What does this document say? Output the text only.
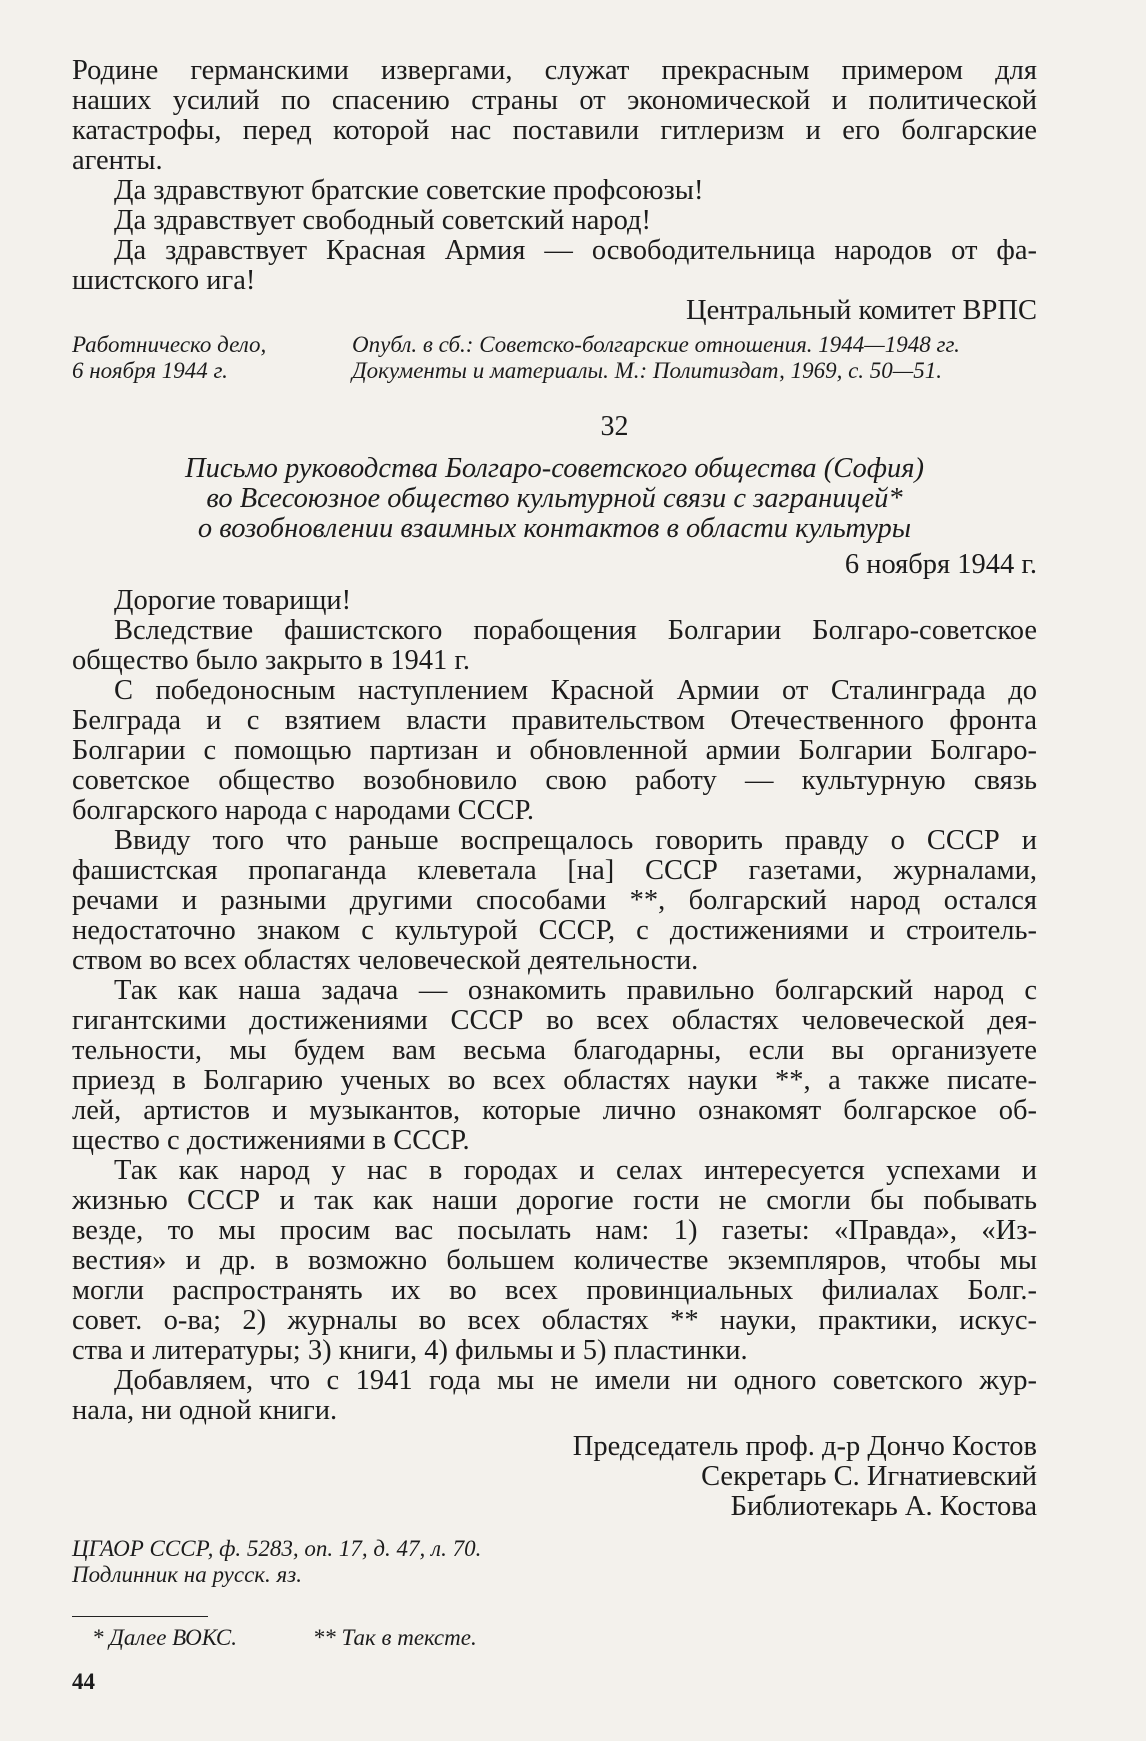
Родине германскими извергами, служат прекрасным примером для
наших усилий по спасению страны от экономической и политической
катастрофы, перед которой нас поставили гитлеризм и его болгарские
агенты.
Да здравствуют братские советские профсоюзы!
Да здравствует свободный советский народ!
Да здравствует Красная Армия — освободительница народов от фа-
шистского ига!
Центральный комитет ВРПС
Работническо дело,
6 ноября 1944 г.
Опубл. в сб.: Советско-болгарские отношения. 1944—1948 гг.
Документы и материалы. М.: Политиздат, 1969, с. 50—51.
32
Письмо руководства Болгаро-советского общества (София)
во Всесоюзное общество культурной связи с заграницей*
о возобновлении взаимных контактов в области культуры
6 ноября 1944 г.
Дорогие товарищи!
Вследствие фашистского порабощения Болгарии Болгаро-советское
общество было закрыто в 1941 г.
С победоносным наступлением Красной Армии от Сталинграда до
Белграда и с взятием власти правительством Отечественного фронта
Болгарии с помощью партизан и обновленной армии Болгарии Болгаро-
советское общество возобновило свою работу — культурную связь
болгарского народа с народами СССР.
Ввиду того что раньше воспрещалось говорить правду о СССР и
фашистская пропаганда клеветала [на] СССР газетами, журналами,
речами и разными другими способами **, болгарский народ остался
недостаточно знаком с культурой СССР, с достижениями и строитель-
ством во всех областях человеческой деятельности.
Так как наша задача — ознакомить правильно болгарский народ с
гигантскими достижениями СССР во всех областях человеческой дея-
тельности, мы будем вам весьма благодарны, если вы организуете
приезд в Болгарию ученых во всех областях науки **, а также писате-
лей, артистов и музыкантов, которые лично ознакомят болгарское об-
щество с достижениями в СССР.
Так как народ у нас в городах и селах интересуется успехами и
жизнью СССР и так как наши дорогие гости не смогли бы побывать
везде, то мы просим вас посылать нам: 1) газеты: «Правда», «Из-
вестия» и др. в возможно большем количестве экземпляров, чтобы мы
могли распространять их во всех провинциальных филиалах Болг.-
совет. о-ва; 2) журналы во всех областях ** науки, практики, искус-
ства и литературы; 3) книги, 4) фильмы и 5) пластинки.
Добавляем, что с 1941 года мы не имели ни одного советского жур-
нала, ни одной книги.
Председатель проф. д-р Дончо Костов
Секретарь С. Игнатиевский
Библиотекарь А. Костова
ЦГАОР СССР, ф. 5283, оп. 17, д. 47, л. 70.
Подлинник на русск. яз.
* Далее ВОКС.	** Так в тексте.
44
